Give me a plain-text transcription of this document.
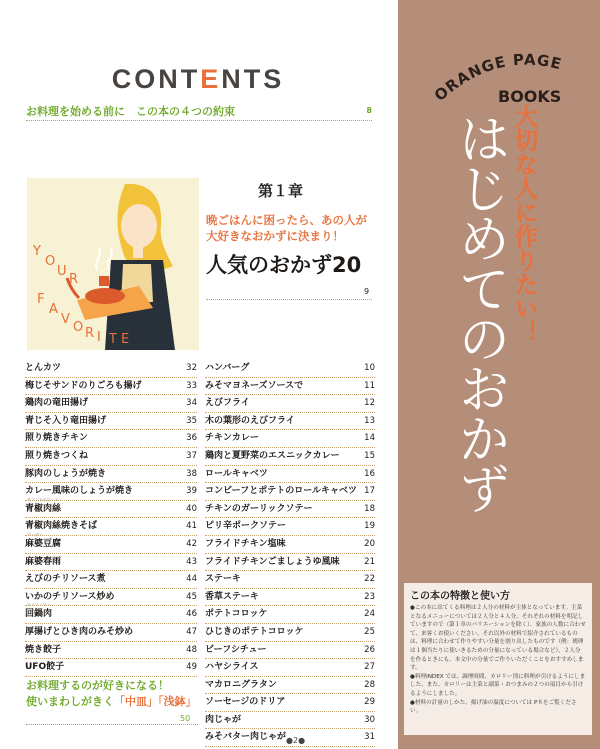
CONTENTS
お料理を始める前に　この本の４つの約束	8
Y
O
U
R
F
A
V
O R I T E
第１章
晩ごはんに困ったら、あの人が大好きなおかずに決まり！
人気のおかず20
9
とんカツ	32
梅じそサンドのりごろも揚げ	33
鶏肉の竜田揚げ	34
青じそ入り竜田揚げ	35
照り焼きチキン	36
照り焼きつくね	37
豚肉のしょうが焼き	38
カレー風味のしょうが焼き	39
チンジャオロースー
青椒肉絲	40
青椒肉絲焼きそば	41
マーボー
麻婆豆腐	42
麻婆春雨	43
えびのチリソース煮	44
いかのチリソース炒め	45
ホイコーロー
回鍋肉	46
厚揚げとひき肉のみそ炒め	47
焼き餃子	48
UFO餃子	49
ハンバーグ	10
みそマヨネーズソースで	11
えびフライ	12
木の葉形のえびフライ	13
チキンカレー	14
鶏肉と夏野菜のエスニックカレー	15
ロールキャベツ	16
コンビーフとポテトのロールキャベツ 17
チキンのガーリックソテー	18
ピリ辛ポークソテー	19
フライドチキン塩味	20
フライドチキンごましょうゆ風味	21
ステーキ	22
香草ステーキ	23
ポテトコロッケ	24
ひじきのポテトコロッケ	25
ビーフシチュー	26
ハヤシライス	27
マカロニグラタン	28
ソーセージのドリア	29
肉じゃが	30
みそバター肉じゃが	31
お料理するのが好きになる！
使いまわしがきく「中皿」「浅鉢」
50
●2●
ORANGE PAGE
BOOKS
大切な人に作りたい！
はじめてのおかず
この本の特徴と使い方
●この本に出てくる料理は２人分の材料が主体となっています。主菜となるメニューについては２人分と４人分、それぞれの材料を明記していますので（第１章のバリエーションを除く）、家族の人数に合わせて、来客くお使いください。それ以外の材料で紹介されているものは、料理に合わせて作りやすい分量を割り出したものです（例：鶏卵は１個当たりに使いきるための分量になっている場合など）。２人分を作るときにも、本文中の分量でご作りいただくことをおすすめします。
●料理INDEX では、調理時間、カロリー別に料理が引けるようにしました。また、カロリーは主菜と副菜・おつまみの２つの項目から引けるようにしました。
●材料の計量のしかた、揚げ油の温度については P８をご覧ください。
